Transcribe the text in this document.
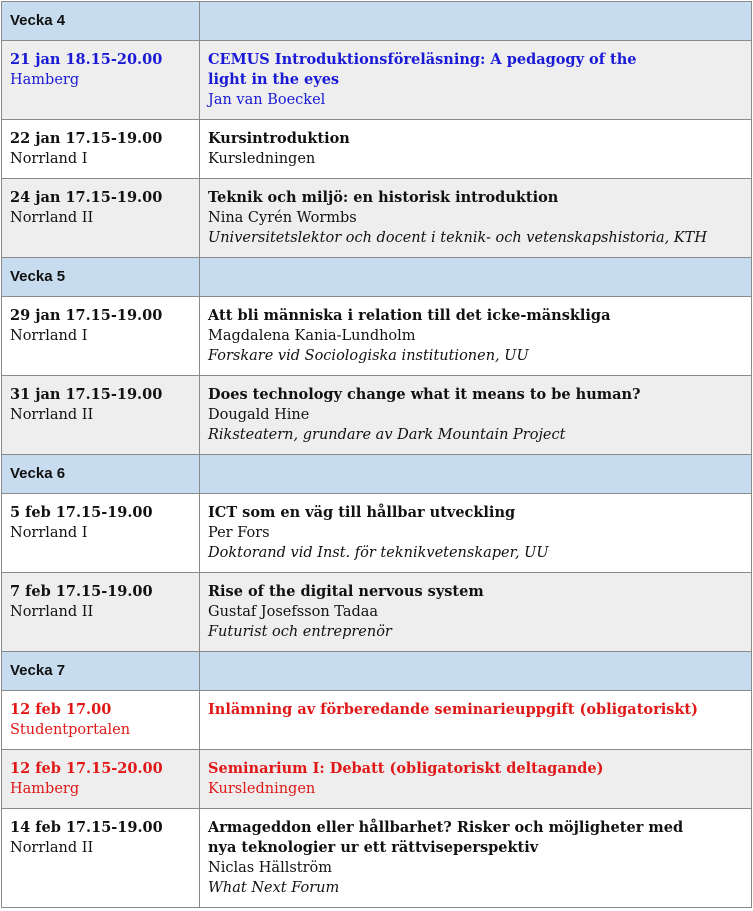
Vecka 4	

21 jan 18.15-20.00
Hamberg	CEMUS Introduktionsföreläsning: A pedagogy of the light in the eyes
Jan van Boeckel

22 jan 17.15-19.00
Norrland I	Kursintroduktion
Kursledningen

24 jan 17.15-19.00
Norrland II	Teknik och miljö: en historisk introduktion
Nina Cyrén Wormbs
Universitetslektor och docent i teknik- och vetenskapshistoria, KTH

Vecka 5	

29 jan 17.15-19.00
Norrland I	Att bli människa i relation till det icke-mänskliga
Magdalena Kania-Lundholm
Forskare vid Sociologiska institutionen, UU

31 jan 17.15-19.00
Norrland II	Does technology change what it means to be human?
Dougald Hine
Riksteatern, grundare av Dark Mountain Project

Vecka 6	

5 feb 17.15-19.00
Norrland I	ICT som en väg till hållbar utveckling
Per Fors
Doktorand vid Inst. för teknikvetenskaper, UU

7 feb 17.15-19.00
Norrland II	Rise of the digital nervous system
Gustaf Josefsson Tadaa
Futurist och entreprenör

Vecka 7	

12 feb 17.00
Studentportalen	Inlämning av förberedande seminarieuppgift (obligatoriskt)

12 feb 17.15-20.00
Hamberg	Seminarium I: Debatt (obligatoriskt deltagande)
Kursledningen

14 feb 17.15-19.00
Norrland II	Armageddon eller hållbarhet? Risker och möjligheter med nya teknologier ur ett rättviseperspektiv
Niclas Hällström
What Next Forum
